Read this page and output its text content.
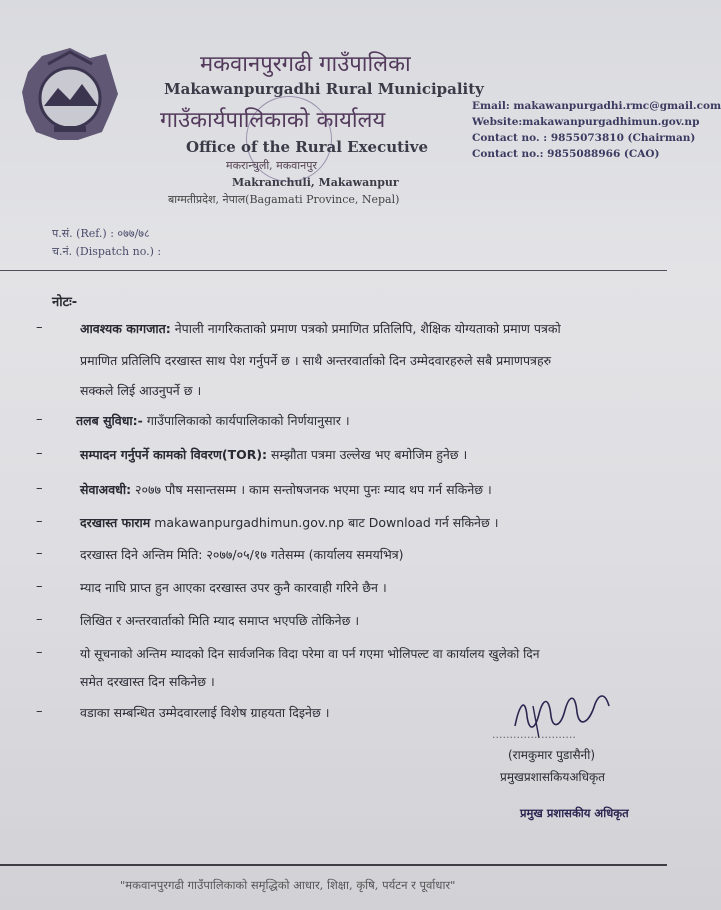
मकवानपुरगढी गाउँपालिका
Makawanpurgadhi Rural Municipality
गाउँकार्यपालिकाको कार्यालय
Office of the Rural Executive
मकरान्चुली, मकवानपुर
Makranchuli, Makawanpur
बाग्मतीप्रदेश, नेपाल(Bagamati Province, Nepal)
Email: makawanpurgadhi.rmc@gmail.com
Website:makawanpurgadhimun.gov.np
Contact no. : 9855073810 (Chairman)
Contact no.: 9855088966 (CAO)
प.सं. (Ref.) : ०७७/७८
च.नं. (Dispatch no.) :
नोटः-
–	आवश्यक कागजात: नेपाली नागरिकताको प्रमाण पत्रको प्रमाणित प्रतिलिपि, शैक्षिक योग्यताको प्रमाण पत्रको
प्रमाणित प्रतिलिपि दरखास्त साथ पेश गर्नुपर्ने छ । साथै अन्तरवार्ताको दिन उम्मेदवारहरुले सबै प्रमाणपत्रहरु
सक्कले लिई आउनुपर्ने छ ।
–	तलब सुविधा:- गाउँपालिकाको कार्यपालिकाको निर्णयानुसार ।
–	सम्पादन गर्नुपर्ने कामको विवरण(TOR): सम्झौता पत्रमा उल्लेख भए बमोजिम हुनेछ ।
–	सेवाअवधी: २०७७ पौष मसान्तसम्म । काम सन्तोषजनक भएमा पुनः म्याद थप गर्न सकिनेछ ।
–	दरखास्त फाराम makawanpurgadhimun.gov.np बाट Download गर्न सकिनेछ ।
–	दरखास्त दिने अन्तिम मिति: २०७७/०५/१७ गतेसम्म (कार्यालय समयभित्र)
–	म्याद नाघि प्राप्त हुन आएका दरखास्त उपर कुनै कारवाही गरिने छैन ।
–	लिखित र अन्तरवार्ताको मिति म्याद समाप्त भएपछि तोकिनेछ ।
–	यो सूचनाको अन्तिम म्यादको दिन सार्वजनिक विदा परेमा वा पर्न गएमा भोलिपल्ट वा कार्यालय खुलेको दिन
समेत दरखास्त दिन सकिनेछ ।
–	वडाका सम्बन्धित उम्मेदवारलाई विशेष ग्राहयता दिइनेछ ।
........................
(रामकुमार पुडासैनी)
प्रमुखप्रशासकियअधिकृत
प्रमुख प्रशासकीय अधिकृत
"मकवानपुरगढी गाउँपालिकाको समृद्धिको आधार, शिक्षा, कृषि, पर्यटन र पूर्वाधार"
